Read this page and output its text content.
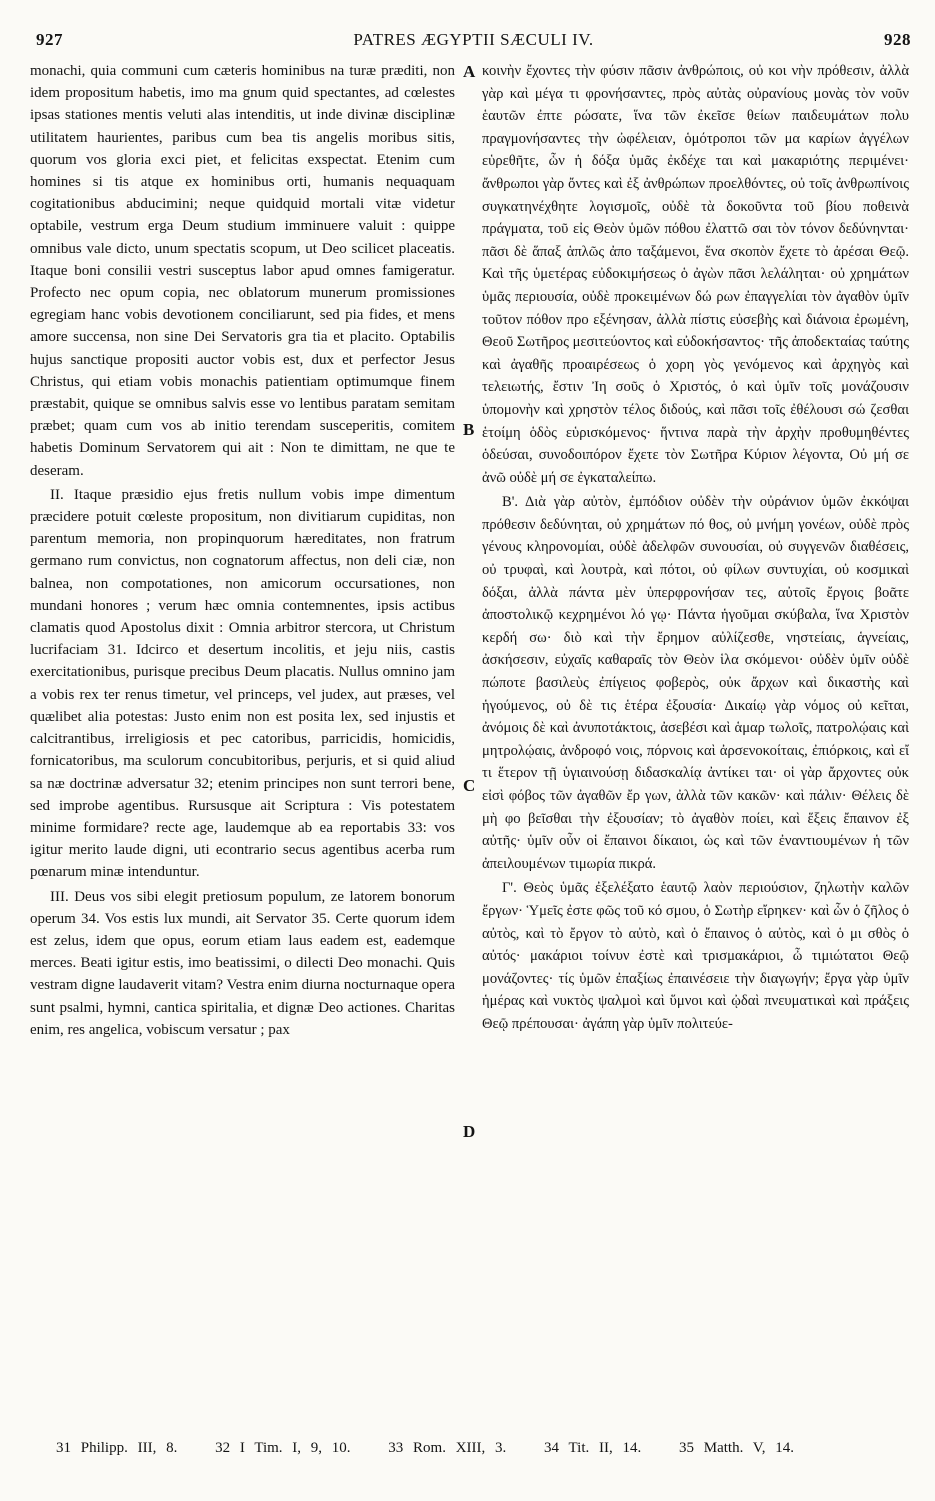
927	PATRES ÆGYPTII SÆCULI IV.	928

monachi, quia communi cum cæteris hominibus na turæ præditi, non idem propositum habetis, imo ma gnum quid spectantes, ad cœlestes ipsas stationes mentis veluti alas intenditis, ut inde divinæ disciplinæ utilitatem haurientes, paribus cum bea tis angelis moribus sitis, quorum vos gloria exci piet, et felicitas exspectat. Etenim cum homines si tis atque ex hominibus orti, humanis nequaquam cogitationibus abducimini; neque quidquid mortali vitæ videtur optabile, vestrum erga Deum studium imminuere valuit : quippe omnibus vale dicto, unum spectatis scopum, ut Deo scilicet placeatis. Itaque boni consilii vestri susceptus labor apud omnes famigeratur. Profecto nec opum copia, nec oblatorum munerum promissiones egregiam hanc vobis devotionem conciliarunt, sed pia fides, et mens amore succensa, non sine Dei Servatoris gra tia et placito. Optabilis hujus sanctique propositi auctor vobis est, dux et perfector Jesus Christus, qui etiam vobis monachis patientiam optimumque finem præstabit, quique se omnibus salvis esse vo lentibus paratam semitam præbet; quam cum vos ab initio terendam susceperitis, comitem habetis Dominum Servatorem qui ait : Non te dimittam, ne que te deseram.

II. Itaque præsidio ejus fretis nullum vobis impe dimentum præcidere potuit cœleste propositum, non divitiarum cupiditas, non parentum memoria, non propinquorum hæreditates, non fratrum germano rum convictus, non cognatorum affectus, non deli ciæ, non balnea, non compotationes, non amicorum occursationes, non mundani honores ; verum hæc omnia contemnentes, ipsis actibus clamatis quod Apostolus dixit : Omnia arbitror stercora, ut Christum lucrifaciam 31. Idcirco et desertum incolitis, et jeju niis, castis exercitationibus, purisque precibus Deum placatis. Nullus omnino jam a vobis rex ter renus timetur, vel princeps, vel judex, aut præses, vel quælibet alia potestas: Justo enim non est posita lex, sed injustis et calcitrantibus, irreligiosis et pec catoribus, parricidis, homicidis, fornicatoribus, ma sculorum concubitoribus, perjuris, et si quid aliud sa næ doctrinæ adversatur 32; etenim principes non sunt terrori bene, sed improbe agentibus. Rursusque ait Scriptura : Vis potestatem minime formidare? recte age, laudemque ab ea reportabis 33: vos igitur merito laude digni, uti econtrario secus agentibus acerba rum pœnarum minæ intenduntur.

III. Deus vos sibi elegit pretiosum populum, ze latorem bonorum operum 34. Vos estis lux mundi, ait Servator 35. Certe quorum idem est zelus, idem que opus, eorum etiam laus eadem est, eademque merces. Beati igitur estis, imo beatissimi, o dilecti Deo monachi. Quis vestram digne laudaverit vitam? Vestra enim diurna nocturnaque opera sunt psalmi, hymni, cantica spiritalia, et dignæ Deo actiones. Charitas enim, res angelica, vobiscum versatur ; pax

A
B
C
D

κοινὴν ἔχοντες τὴν φύσιν πᾶσιν ἀνθρώποις, οὐ κοι νὴν πρόθεσιν, ἀλλὰ γὰρ καὶ μέγα τι φρονήσαντες, πρὸς αὐτὰς οὐρανίους μονὰς τὸν νοῦν ἑαυτῶν ἐπτε ρώσατε, ἵνα τῶν ἐκεῖσε θείων παιδευμάτων πολυ πραγμονήσαντες τὴν ὠφέλειαν, ὁμότροποι τῶν μα καρίων ἀγγέλων εὑρεθῆτε, ὧν ἡ δόξα ὑμᾶς ἐκδέχε ται καὶ μακαριότης περιμένει· ἄνθρωποι γὰρ ὄντες καὶ ἐξ ἀνθρώπων προελθόντες, οὐ τοῖς ἀνθρωπίνοις συγκατηνέχθητε λογισμοῖς, οὐδὲ τὰ δοκοῦντα τοῦ βίου ποθεινὰ πράγματα, τοῦ εἰς Θεὸν ὑμῶν πόθου ἐλαττῶ σαι τὸν τόνον δεδύνηνται· πᾶσι δὲ ἅπαξ ἁπλῶς ἀπο ταξάμενοι, ἕνα σκοπὸν ἔχετε τὸ ἀρέσαι Θεῷ. Καὶ τῆς ὑμετέρας εὐδοκιμήσεως ὁ ἀγὼν πᾶσι λελάληται· οὐ χρημάτων ὑμᾶς περιουσία, οὐδὲ προκειμένων δώ ρων ἐπαγγελίαι τὸν ἀγαθὸν ὑμῖν τοῦτον πόθον προ εξένησαν, ἀλλὰ πίστις εὐσεβὴς καὶ διάνοια ἐρωμένη, Θεοῦ Σωτῆρος μεσιτεύοντος καὶ εὐδοκήσαντος· τῆς ἀποδεκταίας ταύτης καὶ ἀγαθῆς προαιρέσεως ὁ χορη γὸς γενόμενος καὶ ἀρχηγὸς καὶ τελειωτής, ἔστιν Ἰη σοῦς ὁ Χριστός, ὁ καὶ ὑμῖν τοῖς μονάζουσιν ὑπομονὴν καὶ χρηστὸν τέλος διδούς, καὶ πᾶσι τοῖς ἐθέλουσι σώ ζεσθαι ἑτοίμη ὁδὸς εὑρισκόμενος· ἥντινα παρὰ τὴν ἀρχὴν προθυμηθέντες ὁδεύσαι, συνοδοιπόρον ἔχετε τὸν Σωτῆρα Κύριον λέγοντα, Οὐ μή σε ἀνῶ οὐδὲ μή σε ἐγκαταλείπω.

Β'. Διὰ γὰρ αὐτὸν, ἐμπόδιον οὐδὲν τὴν οὐράνιον ὑμῶν ἐκκόψαι πρόθεσιν δεδύνηται, οὐ χρημάτων πό θος, οὐ μνήμη γονέων, οὐδὲ πρὸς γένους κληρονομίαι, οὐδὲ ἀδελφῶν συνουσίαι, οὐ συγγενῶν διαθέσεις, οὐ τρυφαὶ, καὶ λουτρὰ, καὶ πότοι, οὐ φίλων συντυχίαι, οὐ κοσμικαὶ δόξαι, ἀλλὰ πάντα μὲν ὑπερφρονήσαν τες, αὐτοῖς ἔργοις βοᾶτε ἀποστολικῷ κεχρημένοι λό γῳ· Πάντα ἡγοῦμαι σκύβαλα, ἵνα Χριστὸν κερδή σω· διὸ καὶ τὴν ἔρημον αὐλίζεσθε, νηστείαις, ἁγνείαις, ἀσκήσεσιν, εὐχαῖς καθαραῖς τὸν Θεὸν ἱλα σκόμενοι· οὐδὲν ὑμῖν οὐδὲ πώποτε βασιλεὺς ἐπίγειος φοβερὸς, οὐκ ἄρχων καὶ δικαστὴς καὶ ἡγούμενος, οὐ δὲ τις ἑτέρα ἐξουσία· Δικαίῳ γὰρ νόμος οὐ κεῖται, ἀνόμοις δὲ καὶ ἀνυποτάκτοις, ἀσεβέσι καὶ ἁμαρ τωλοῖς, πατρολῴαις καὶ μητρολῴαις, ἀνδροφό νοις, πόρνοις καὶ ἀρσενοκοίταις, ἐπιόρκοις, καὶ εἴ τι ἕτερον τῇ ὑγιαινούσῃ διδασκαλίᾳ ἀντίκει ται· οἱ γὰρ ἄρχοντες οὐκ εἰσὶ φόβος τῶν ἀγαθῶν ἔρ γων, ἀλλὰ τῶν κακῶν· καὶ πάλιν· Θέλεις δὲ μὴ φο βεῖσθαι τὴν ἐξουσίαν; τὸ ἀγαθὸν ποίει, καὶ ἕξεις ἔπαινον ἐξ αὐτῆς· ὑμῖν οὖν οἱ ἔπαινοι δίκαιοι, ὡς καὶ τῶν ἐναντιουμένων ἡ τῶν ἀπειλουμένων τιμωρία πικρά.

Γ'. Θεὸς ὑμᾶς ἐξελέξατο ἑαυτῷ λαὸν περιούσιον, ζηλωτὴν καλῶν ἔργων· Ὑμεῖς ἐστε φῶς τοῦ κό σμου, ὁ Σωτὴρ εἴρηκεν· καὶ ὧν ὁ ζῆλος ὁ αὐτὸς, καὶ τὸ ἔργον τὸ αὐτὸ, καὶ ὁ ἔπαινος ὁ αὐτὸς, καὶ ὁ μι σθὸς ὁ αὐτός· μακάριοι τοίνυν ἐστὲ καὶ τρισμακάριοι, ὦ τιμιώτατοι Θεῷ μονάζοντες· τίς ὑμῶν ἐπαξίως ἐπαινέσειε τὴν διαγωγήν; ἔργα γὰρ ὑμῖν ἡμέρας καὶ νυκτὸς ψαλμοὶ καὶ ὕμνοι καὶ ᾠδαὶ πνευματικαὶ καὶ πράξεις Θεῷ πρέπουσαι· ἀγάπη γὰρ ὑμῖν πολιτεύε-

31 Philipp. III, 8.	32 I Tim. I, 9, 10.	33 Rom. XIII, 3.	34 Tit. II, 14.	35 Matth. V, 14.
